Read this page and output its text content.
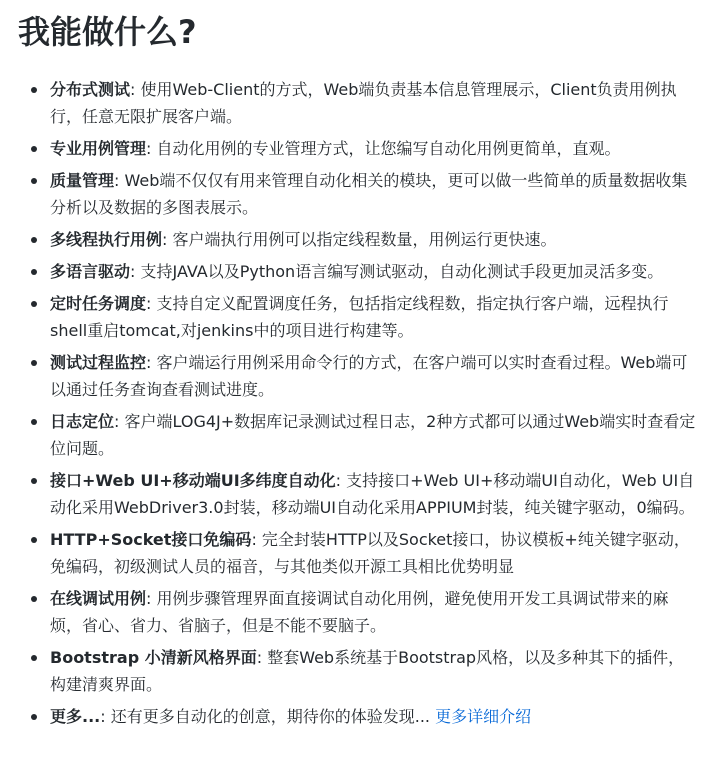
我能做什么?
分布式测试: 使用Web-Client的方式，Web端负责基本信息管理展示，Client负责用例执行，任意无限扩展客户端。
专业用例管理: 自动化用例的专业管理方式，让您编写自动化用例更简单，直观。
质量管理: Web端不仅仅有用来管理自动化相关的模块，更可以做一些简单的质量数据收集分析以及数据的多图表展示。
多线程执行用例: 客户端执行用例可以指定线程数量，用例运行更快速。
多语言驱动: 支持JAVA以及Python语言编写测试驱动，自动化测试手段更加灵活多变。
定时任务调度: 支持自定义配置调度任务，包括指定线程数，指定执行客户端，远程执行shell重启tomcat,对jenkins中的项目进行构建等。
测试过程监控: 客户端运行用例采用命令行的方式，在客户端可以实时查看过程。Web端可以通过任务查询查看测试进度。
日志定位: 客户端LOG4J+数据库记录测试过程日志，2种方式都可以通过Web端实时查看定位问题。
接口+Web UI+移动端UI多纬度自动化: 支持接口+Web UI+移动端UI自动化，Web UI自动化采用WebDriver3.0封装，移动端UI自动化采用APPIUM封装，纯关键字驱动，0编码。
HTTP+Socket接口免编码: 完全封装HTTP以及Socket接口，协议模板+纯关键字驱动，免编码，初级测试人员的福音，与其他类似开源工具相比优势明显
在线调试用例: 用例步骤管理界面直接调试自动化用例，避免使用开发工具调试带来的麻烦，省心、省力、省脑子，但是不能不要脑子。
Bootstrap 小清新风格界面: 整套Web系统基于Bootstrap风格，以及多种其下的插件，构建清爽界面。
更多...: 还有更多自动化的创意，期待你的体验发现... 更多详细介绍
